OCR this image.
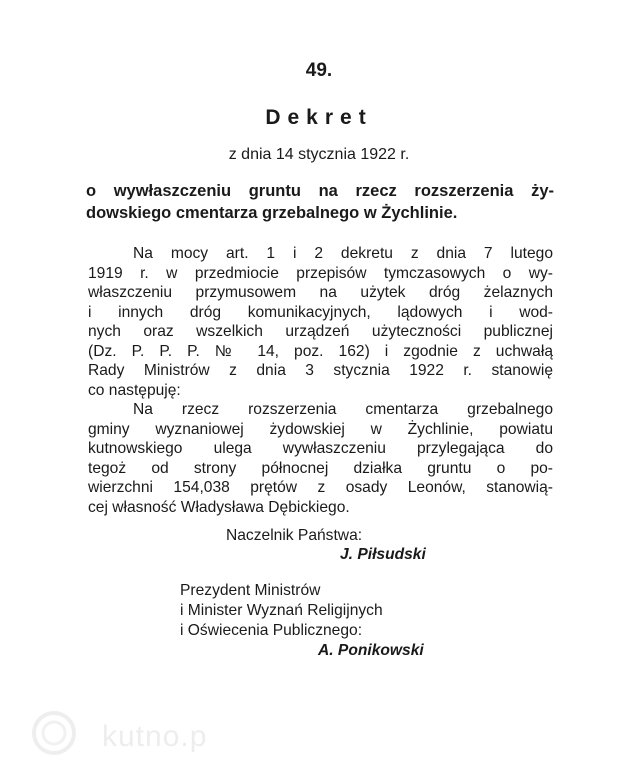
49.
Dekret
z dnia 14 stycznia 1922 r.
o wywłaszczeniu gruntu na rzecz rozszerzenia ży-
dowskiego cmentarza grzebalnego w Żychlinie.
Na mocy art. 1 i 2 dekretu z dnia 7 lutego
1919 r. w przedmiocie przepisów tymczasowych o wy-
właszczeniu przymusowem na użytek dróg żelaznych
i innych dróg komunikacyjnych, lądowych i wod-
nych oraz wszelkich urządzeń użyteczności publicznej
(Dz. P. P. P. № 14, poz. 162) i zgodnie z uchwałą
Rady Ministrów z dnia 3 stycznia 1922 r. stanowię
co następuję:
Na rzecz rozszerzenia cmentarza grzebalnego
gminy wyznaniowej żydowskiej w Żychlinie, powiatu
kutnowskiego ulega wywłaszczeniu przylegająca do
tegoż od strony północnej działka gruntu o po-
wierzchni 154,038 prętów z osady Leonów, stanowią-
cej własność Władysława Dębickiego.
Naczelnik Państwa:
J. Piłsudski
Prezydent Ministrów
i Minister Wyznań Religijnych
i Oświecenia Publicznego:
A. Ponikowski
kutno.p
